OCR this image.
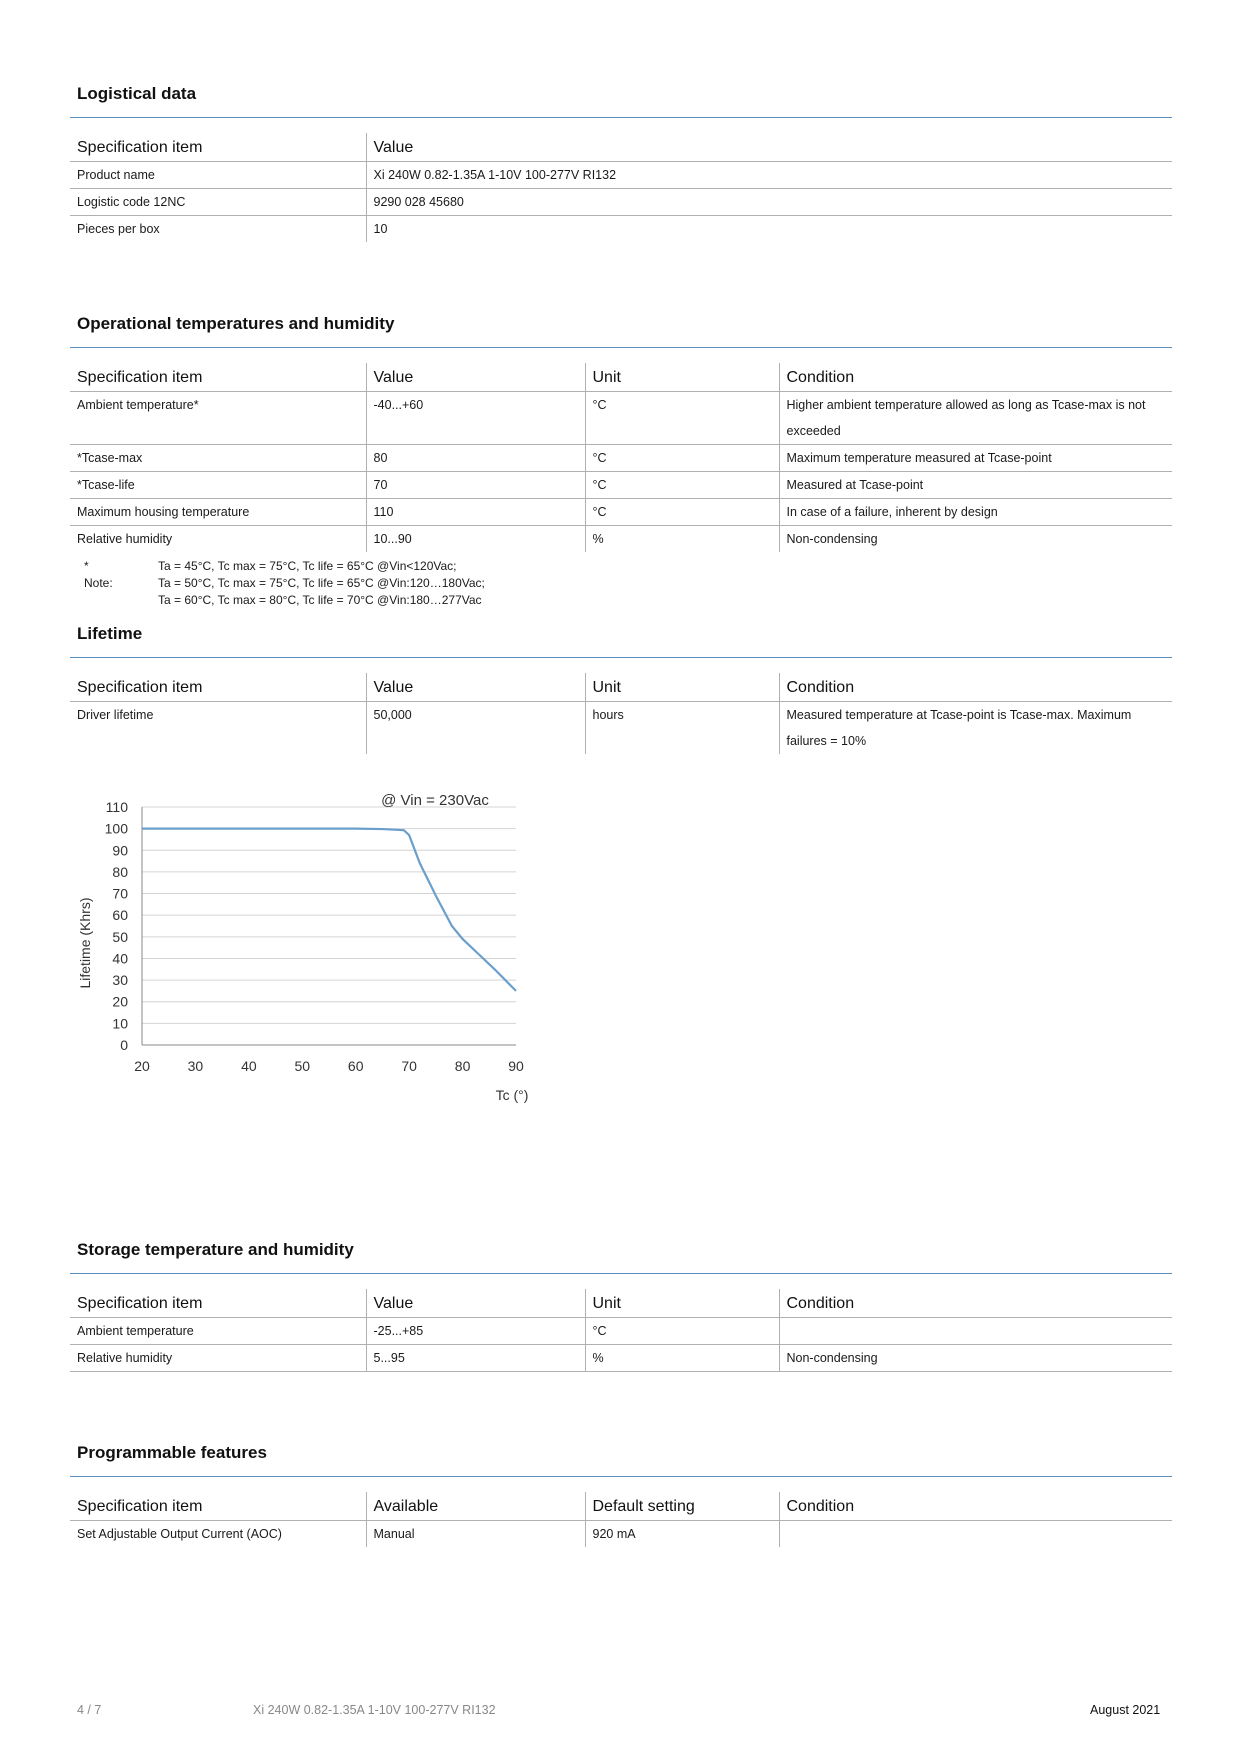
Logistical data
Specification item	Value
Product name	Xi 240W 0.82-1.35A 1-10V 100-277V RI132
Logistic code 12NC	9290 028 45680
Pieces per box	10
Operational temperatures and humidity
Specification item	Value	Unit	Condition
Ambient temperature*	-40...+60	°C	Higher ambient temperature allowed as long as Tcase-max is not exceeded
*Tcase-max	80	°C	Maximum temperature measured at Tcase-point
*Tcase-life	70	°C	Measured at Tcase-point
Maximum housing temperature	110	°C	In case of a failure, inherent by design
Relative humidity	10...90	%	Non-condensing
* Note:
Ta = 45°C, Tc max = 75°C, Tc life = 65°C @Vin<120Vac;
Ta = 50°C, Tc max = 75°C, Tc life = 65°C @Vin:120…180Vac;
Ta = 60°C, Tc max = 80°C, Tc life = 70°C @Vin:180…277Vac
Lifetime
Specification item	Value	Unit	Condition
Driver lifetime	50,000	hours	Measured temperature at Tcase-point is Tcase-max. Maximum failures = 10%
0
10
20
30
40
50
60
70
80
90
100
110
20	30	40	50	60	70	80	90
@ Vin = 230Vac
Tc (°)
Lifetime (Khrs)
Storage temperature and humidity
Specification item	Value	Unit	Condition
Ambient temperature	-25...+85	°C	
Relative humidity	5...95	%	Non-condensing
Programmable features
Specification item	Available	Default setting	Condition
Set Adjustable Output Current (AOC)	Manual	920 mA	
4 / 7	Xi 240W 0.82-1.35A 1-10V 100-277V RI132	August 2021
